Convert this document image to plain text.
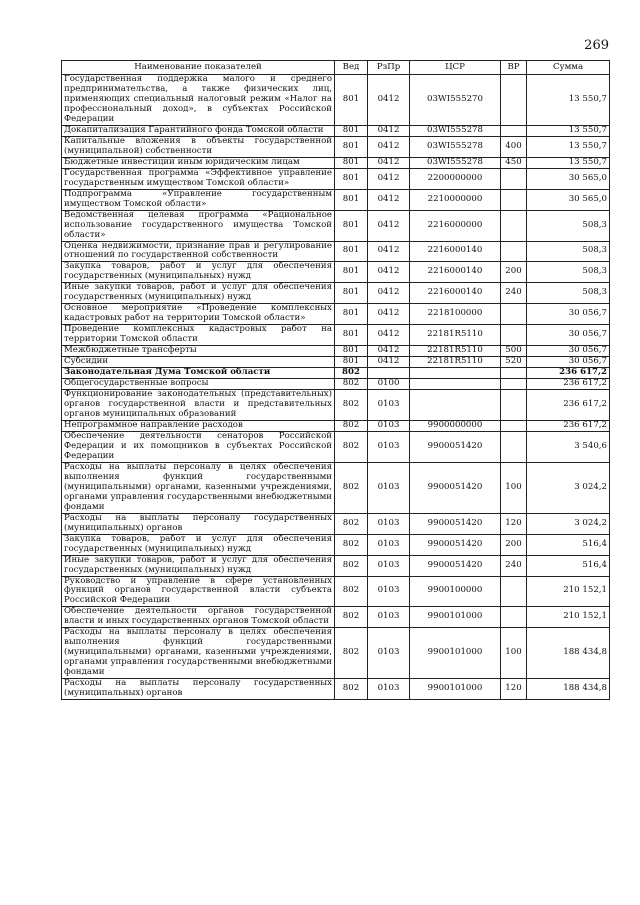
269
Наименование показателей	Вед	РзПр	ЦСР	ВР	Сумма
Государственная поддержка малого и среднего предпринимательства, а также физических лиц, применяющих специальный налоговый режим «Налог на профессиональный доход», в субъектах Российской Федерации	801	0412	03WI555270		13 550,7
Докапитализация Гарантийного фонда Томской области	801	0412	03WI555278		13 550,7
Капитальные вложения в объекты государственной (муниципальной) собственности	801	0412	03WI555278	400	13 550,7
Бюджетные инвестиции иным юридическим лицам	801	0412	03WI555278	450	13 550,7
Государственная программа «Эффективное управление государственным имуществом Томской области»	801	0412	2200000000		30 565,0
Подпрограмма «Управление государственным имуществом Томской области»	801	0412	2210000000		30 565,0
Ведомственная целевая программа «Рациональное использование государственного имущества Томской области»	801	0412	2216000000		508,3
Оценка недвижимости, признание прав и регулирование отношений по государственной собственности	801	0412	2216000140		508,3
Закупка товаров, работ и услуг для обеспечения государственных (муниципальных) нужд	801	0412	2216000140	200	508,3
Иные закупки товаров, работ и услуг для обеспечения государственных (муниципальных) нужд	801	0412	2216000140	240	508,3
Основное мероприятие «Проведение комплексных кадастровых работ на территории Томской области»	801	0412	2218100000		30 056,7
Проведение комплексных кадастровых работ на территории Томской области	801	0412	22181R5110		30 056,7
Межбюджетные трансферты	801	0412	22181R5110	500	30 056,7
Субсидии	801	0412	22181R5110	520	30 056,7
Законодательная Дума Томской области	802				236 617,2
Общегосударственные вопросы	802	0100			236 617,2
Функционирование законодательных (представительных) органов государственной власти и представительных органов муниципальных образований	802	0103			236 617,2
Непрограммное направление расходов	802	0103	9900000000		236 617,2
Обеспечение деятельности сенаторов Российской Федерации и их помощников в субъектах Российской Федерации	802	0103	9900051420		3 540,6
Расходы на выплаты персоналу в целях обеспечения выполнения функций государственными (муниципальными) органами, казенными учреждениями, органами управления государственными внебюджетными фондами	802	0103	9900051420	100	3 024,2
Расходы на выплаты персоналу государственных (муниципальных) органов	802	0103	9900051420	120	3 024,2
Закупка товаров, работ и услуг для обеспечения государственных (муниципальных) нужд	802	0103	9900051420	200	516,4
Иные закупки товаров, работ и услуг для обеспечения государственных (муниципальных) нужд	802	0103	9900051420	240	516,4
Руководство и управление в сфере установленных функций органов государственной власти субъекта Российской Федерации	802	0103	9900100000		210 152,1
Обеспечение деятельности органов государственной власти и иных государственных органов Томской области	802	0103	9900101000		210 152,1
Расходы на выплаты персоналу в целях обеспечения выполнения функций государственными (муниципальными) органами, казенными учреждениями, органами управления государственными внебюджетными фондами	802	0103	9900101000	100	188 434,8
Расходы на выплаты персоналу государственных (муниципальных) органов	802	0103	9900101000	120	188 434,8
